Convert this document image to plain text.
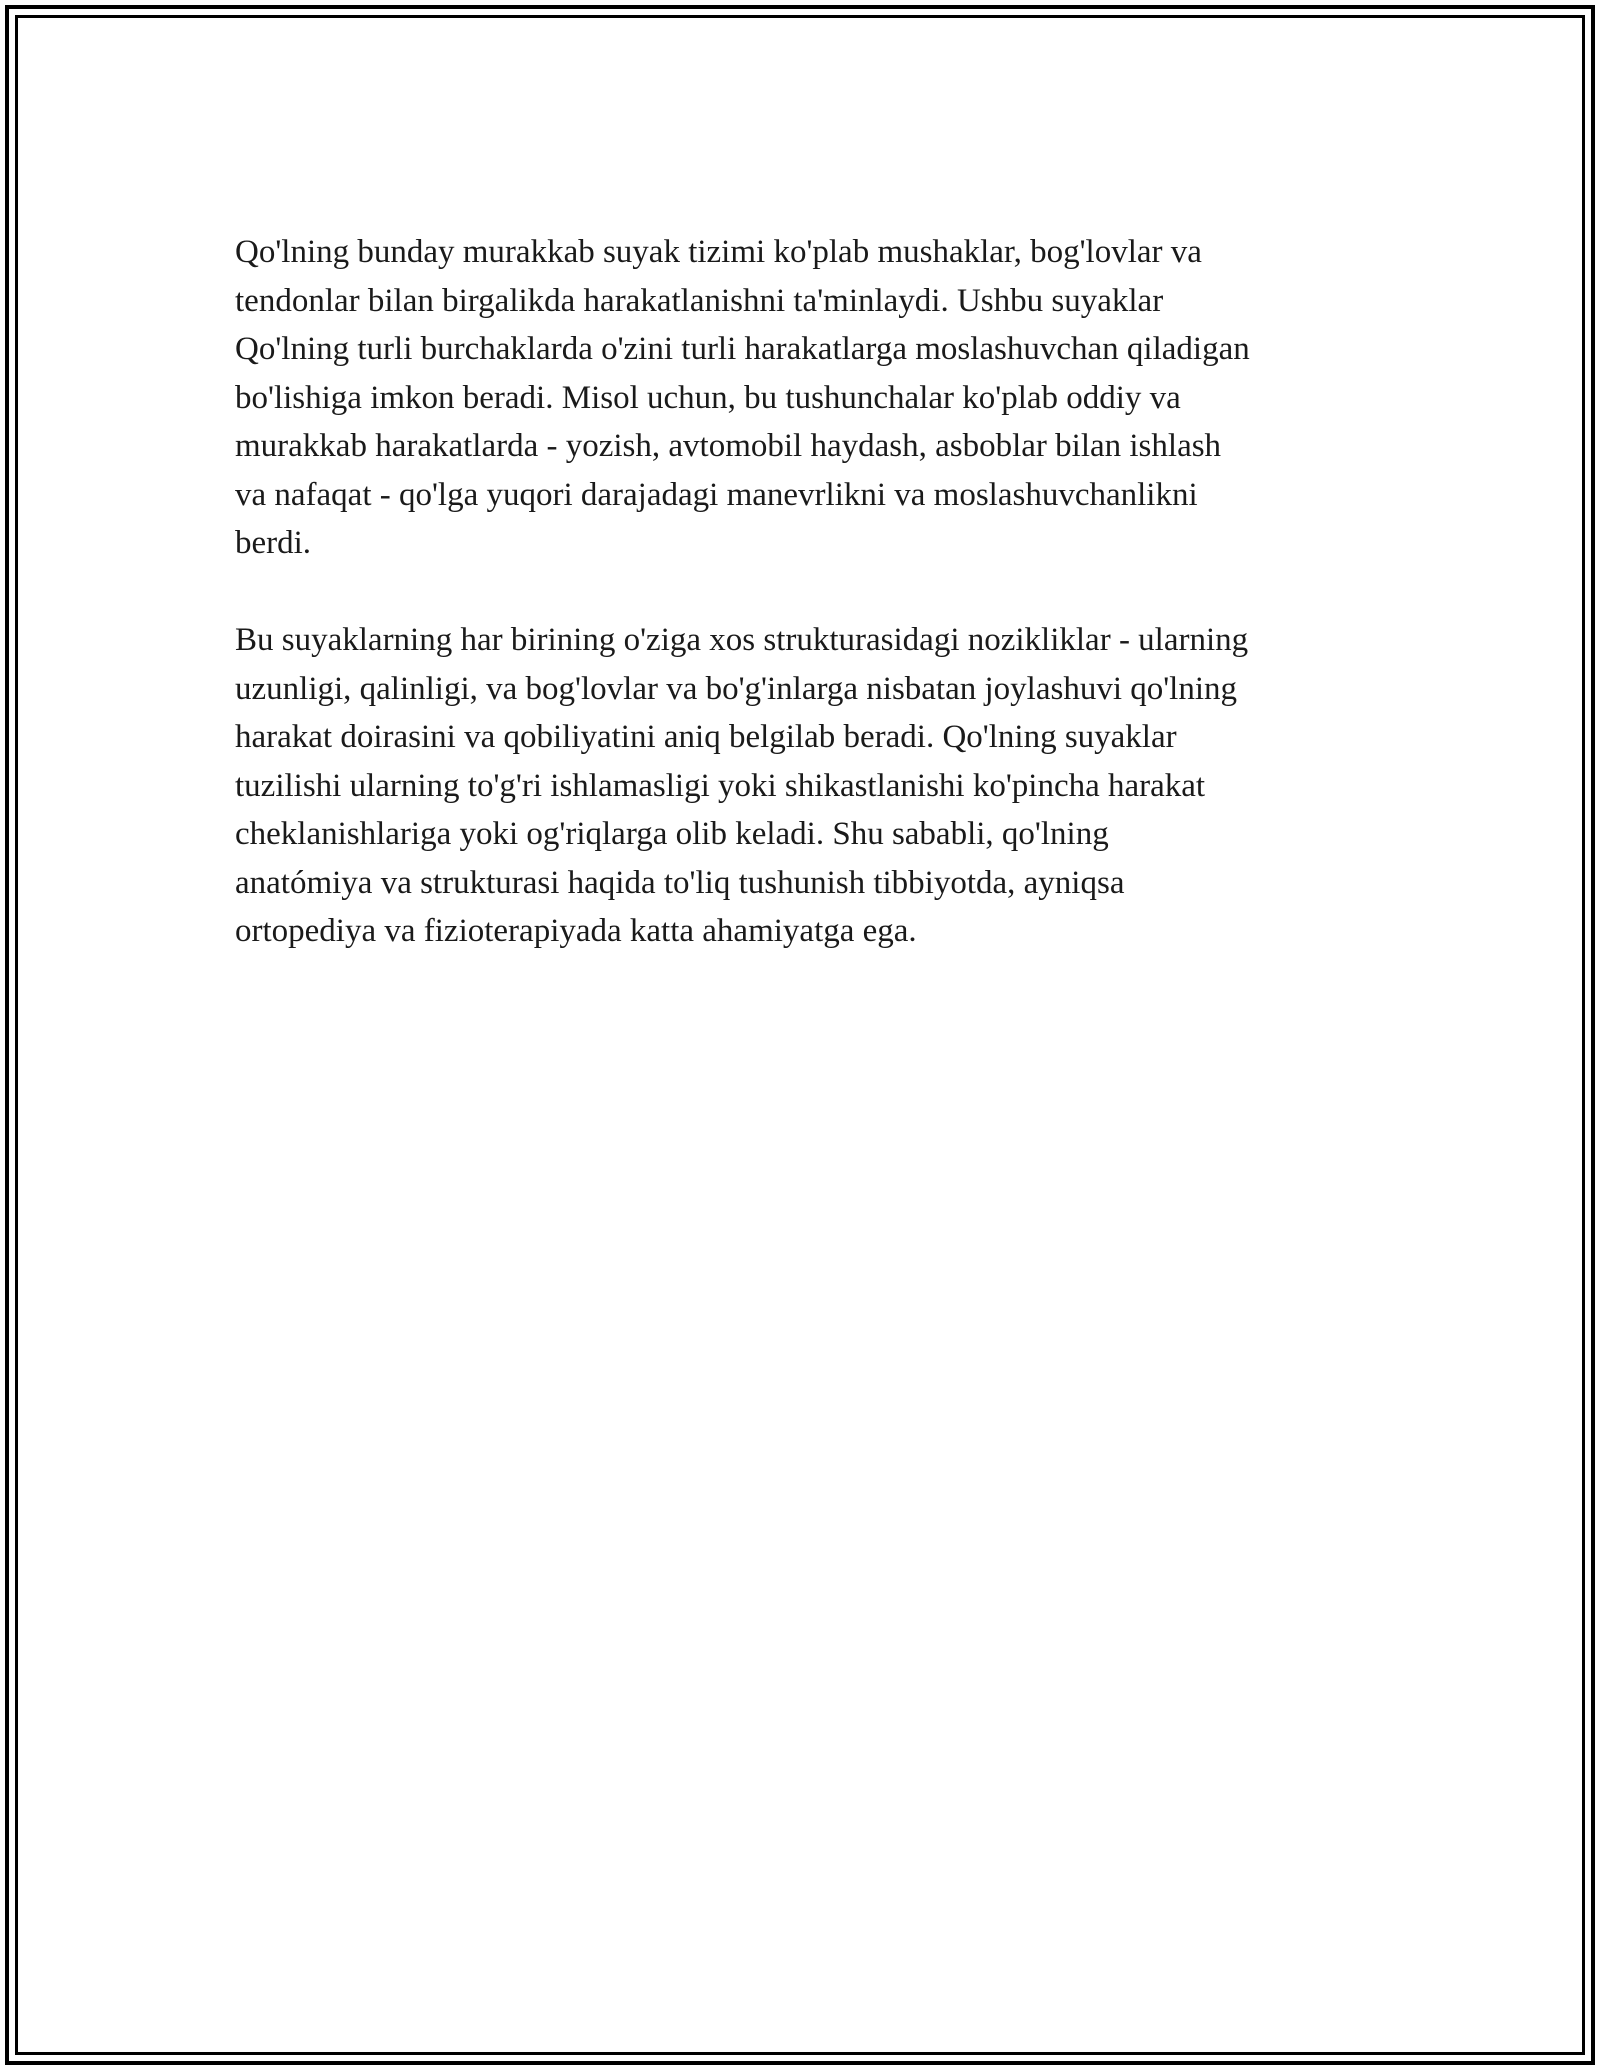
Qo'lning bunday murakkab suyak tizimi ko'plab mushaklar, bog'lovlar va
tendonlar bilan birgalikda harakatlanishni ta'minlaydi. Ushbu suyaklar
Qo'lning turli burchaklarda o'zini turli harakatlarga moslashuvchan qiladigan
bo'lishiga imkon beradi. Misol uchun, bu tushunchalar ko'plab oddiy va
murakkab harakatlarda - yozish, avtomobil haydash, asboblar bilan ishlash
va nafaqat - qo'lga yuqori darajadagi manevrlikni va moslashuvchanlikni
berdi.

Bu suyaklarning har birining o'ziga xos strukturasidagi nozikliklar - ularning
uzunligi, qalinligi, va bog'lovlar va bo'g'inlarga nisbatan joylashuvi qo'lning
harakat doirasini va qobiliyatini aniq belgilab beradi. Qo'lning suyaklar
tuzilishi ularning to'g'ri ishlamasligi yoki shikastlanishi ko'pincha harakat
cheklanishlariga yoki og'riqlarga olib keladi. Shu sababli, qo'lning
anatómiya va strukturasi haqida to'liq tushunish tibbiyotda, ayniqsa
ortopediya va fizioterapiyada katta ahamiyatga ega.
